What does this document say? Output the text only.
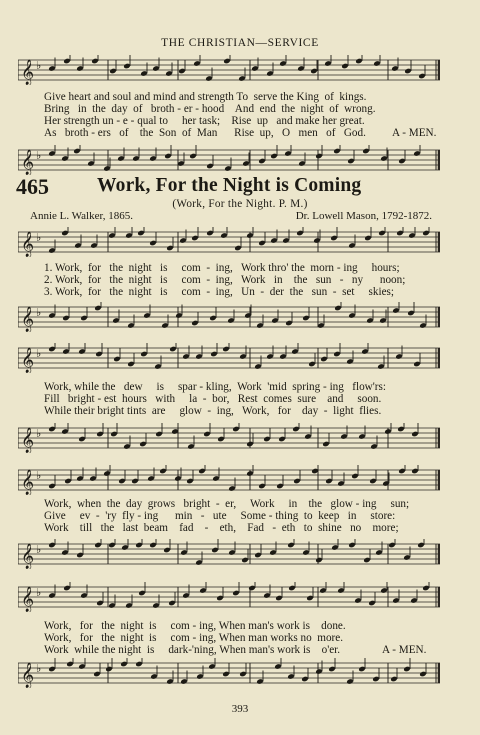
THE CHRISTIAN—SERVICE
𝄞 ♭
Give heart and soul and mind and strength To  serve the King  of  kings.
Bring   in  the  day  of   broth - er - hood    And  end  the  night  of  wrong.
Her strength un - e - qual to     her task;    Rise  up   and make her great.
As   broth - ers   of    the  Son  of  Man      Rise  up,   O   men   of   God.	A - MEN.
𝄞 ♭
465 Work, For the Night is Coming
(Work, For the Night. P. M.)
Annie L. Walker, 1865.	Dr. Lowell Mason, 1792-1872.
𝄞 ♭
1. Work,  for   the  night   is     com  -  ing,   Work thro' the  morn - ing     hours;
2. Work,  for   the  night   is     com  -  ing,   Work   in    the   sun   -   ny      noon;
3. Work,  for   the  night   is     com  -  ing,   Un  -  der  the   sun  -  set     skies;
𝄞 ♭
𝄞 ♭
Work, while the   dew     is     spar - kling,  Work  'mid  spring - ing   flow'rs:
Fill   bright - est  hours   with     la  -  bor,   Rest  comes  sure    and     soon.
While their bright tints  are     glow  -  ing,   Work,   for    day  -  light  flies.
𝄞 ♭
𝄞 ♭
Work,  when  the  day  grows   bright  -  er,     Work     in    the   glow - ing     sun;
Give     ev  -  'ry  fly - ing      min   -   ute     Some - thing  to  keep   in     store:
Work    till   the   last  beam    fad    -    eth,    Fad   -  eth   to  shine   no    more;
𝄞 ♭
𝄞 ♭
Work,   for   the  night  is     com - ing, When man's work is    done.
Work,   for   the  night  is     com - ing, When man works no  more.
Work  while the night  is     dark-'ning, When man's work is    o'er.	A - MEN.
𝄞 ♭
393
